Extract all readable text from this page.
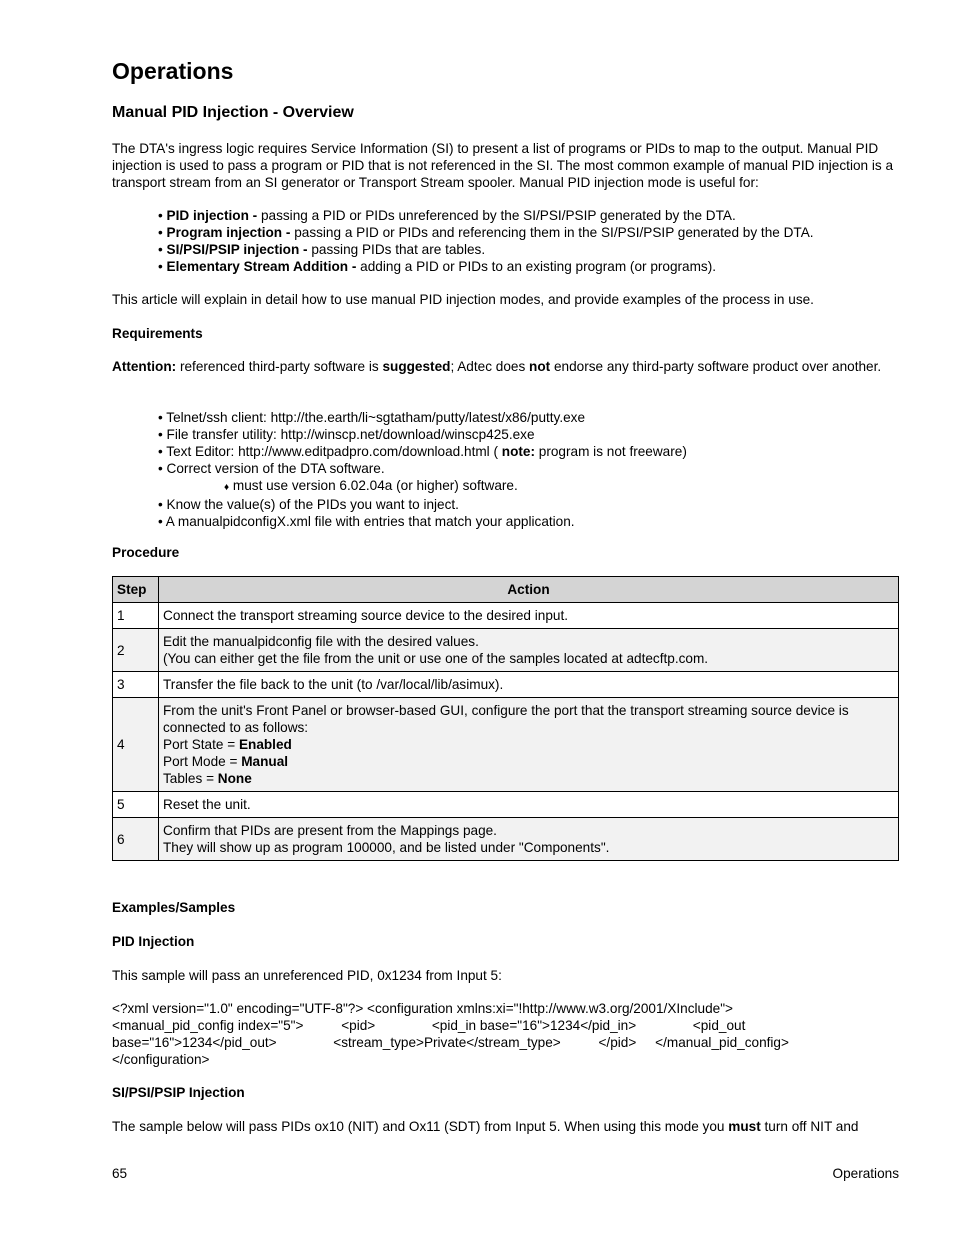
Operations
Manual PID Injection - Overview

The DTA's ingress logic requires Service Information (SI) to present a list of programs or PIDs to map to the output. Manual PID injection is used to pass a program or PID that is not referenced in the SI. The most common example of manual PID injection is a transport stream from an SI generator or Transport Stream spooler. Manual PID injection mode is useful for:

• PID injection - passing a PID or PIDs unreferenced by the SI/PSI/PSIP generated by the DTA.
• Program injection - passing a PID or PIDs and referencing them in the SI/PSI/PSIP generated by the DTA.
• SI/PSI/PSIP injection - passing PIDs that are tables.
• Elementary Stream Addition - adding a PID or PIDs to an existing program (or programs).

This article will explain in detail how to use manual PID injection modes, and provide examples of the process in use.

Requirements

Attention: referenced third-party software is suggested; Adtec does not endorse any third-party software product over another.

• Telnet/ssh client: http://the.earth/li~sgtatham/putty/latest/x86/putty.exe
• File transfer utility: http://winscp.net/download/winscp425.exe
• Text Editor: http://www.editpadpro.com/download.html ( note: program is not freeware)
• Correct version of the DTA software.
♦ must use version 6.02.04a (or higher) software.
• Know the value(s) of the PIDs you want to inject.
• A manualpidconfigX.xml file with entries that match your application.

Procedure

Step	Action
1	Connect the transport streaming source device to the desired input.
2	Edit the manualpidconfig file with the desired values.
(You can either get the file from the unit or use one of the samples located at adtecftp.com.
3	Transfer the file back to the unit (to /var/local/lib/asimux).
4	From the unit's Front Panel or browser-based GUI, configure the port that the transport streaming source device is connected to as follows:
Port State = Enabled
Port Mode = Manual
Tables = None
5	Reset the unit.
6	Confirm that PIDs are present from the Mappings page.
They will show up as program 100000, and be listed under "Components".

Examples/Samples

PID Injection

This sample will pass an unreferenced PID, 0x1234 from Input 5:

<?xml version="1.0" encoding="UTF-8"?> <configuration xmlns:xi="!http://www.w3.org/2001/XInclude">
<manual_pid_config index="5">          <pid>               <pid_in base="16">1234</pid_in>               <pid_out
base="16">1234</pid_out>               <stream_type>Private</stream_type>          </pid>     </manual_pid_config>
</configuration>

SI/PSI/PSIP Injection

The sample below will pass PIDs ox10 (NIT) and Ox11 (SDT) from Input 5. When using this mode you must turn off NIT and

65	Operations
